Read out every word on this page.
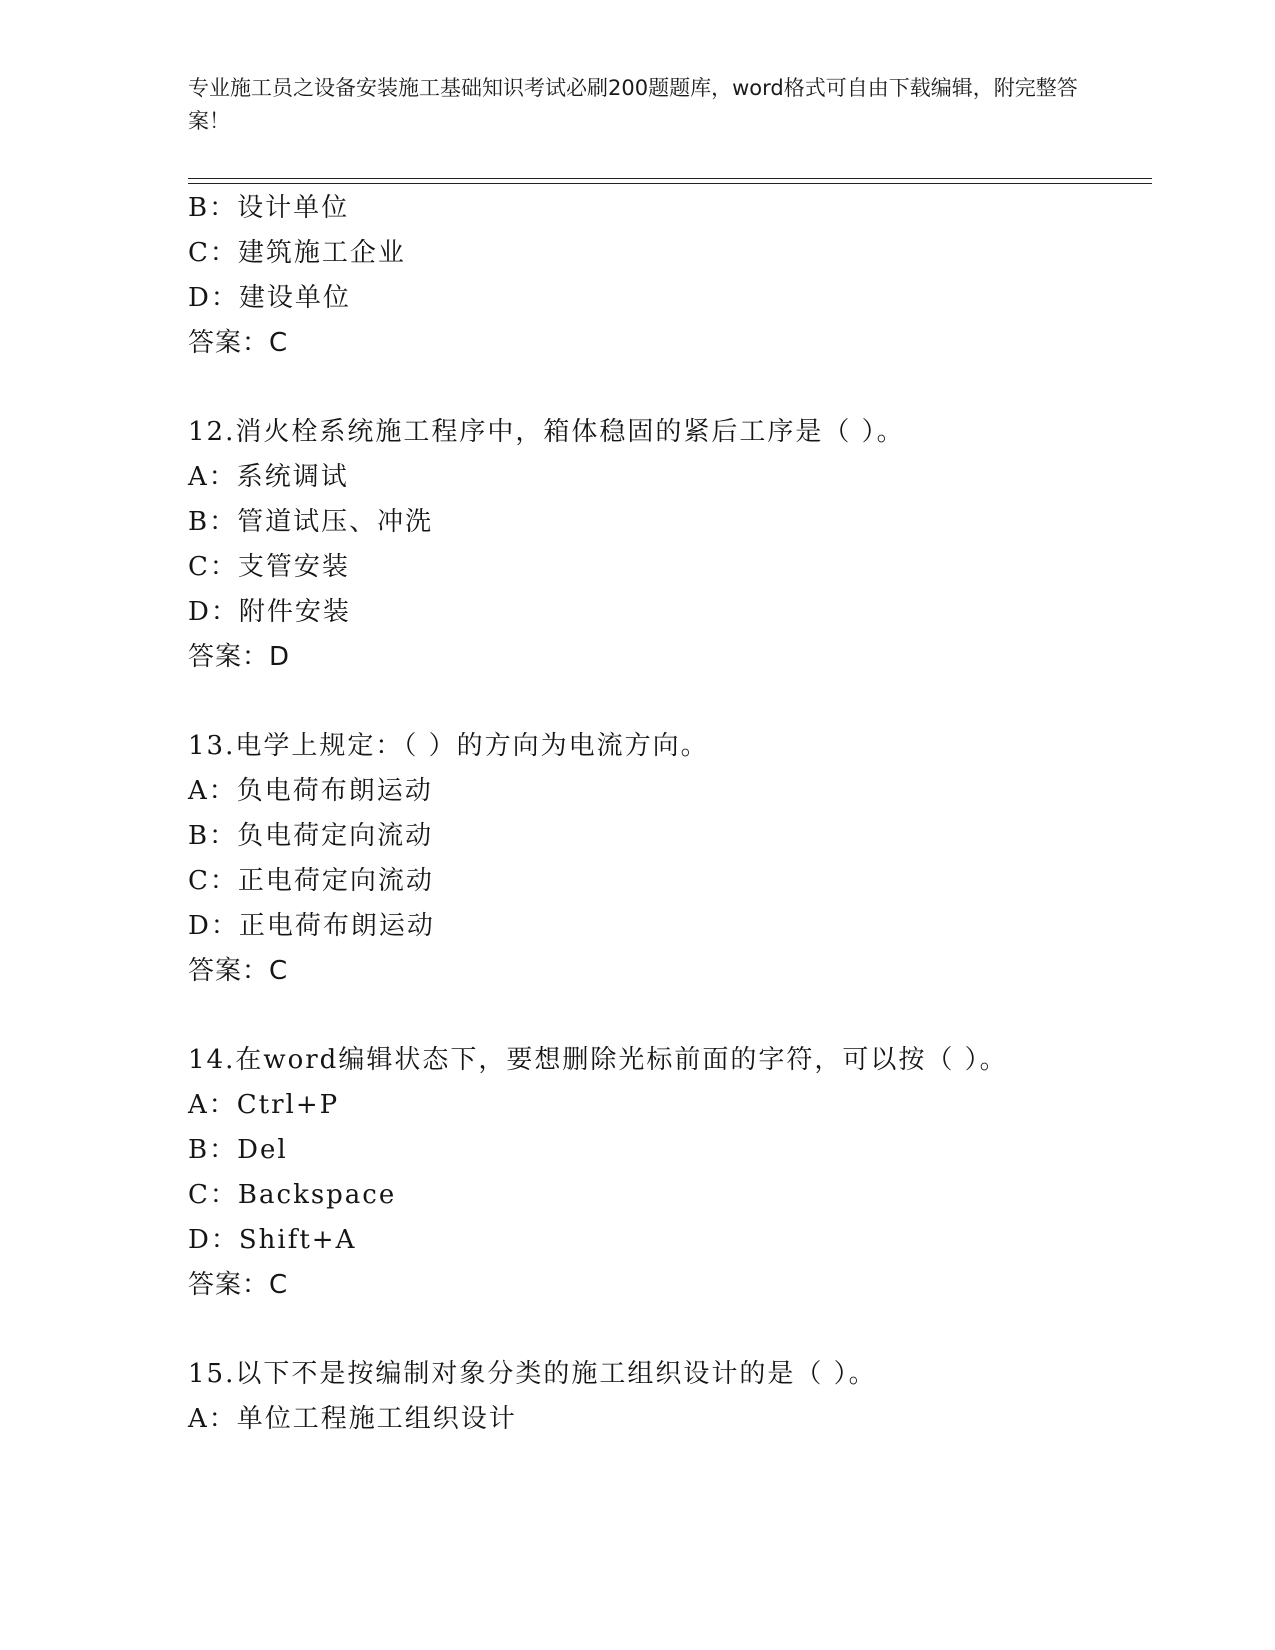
专业施工员之设备安装施工基础知识考试必刷200题题库，word格式可自由下载编辑，附完整答案！
B：设计单位
C：建筑施工企业
D：建设单位
答案：C
12.消火栓系统施工程序中，箱体稳固的紧后工序是（ ）。
A：系统调试
B：管道试压、冲洗
C：支管安装
D：附件安装
答案：D
13.电学上规定：（ ）的方向为电流方向。
A：负电荷布朗运动
B：负电荷定向流动
C：正电荷定向流动
D：正电荷布朗运动
答案：C
14.在word编辑状态下，要想删除光标前面的字符，可以按（ ）。
A：Ctrl+P
B：Del
C：Backspace
D：Shift+A
答案：C
15.以下不是按编制对象分类的施工组织设计的是（ ）。
A：单位工程施工组织设计
